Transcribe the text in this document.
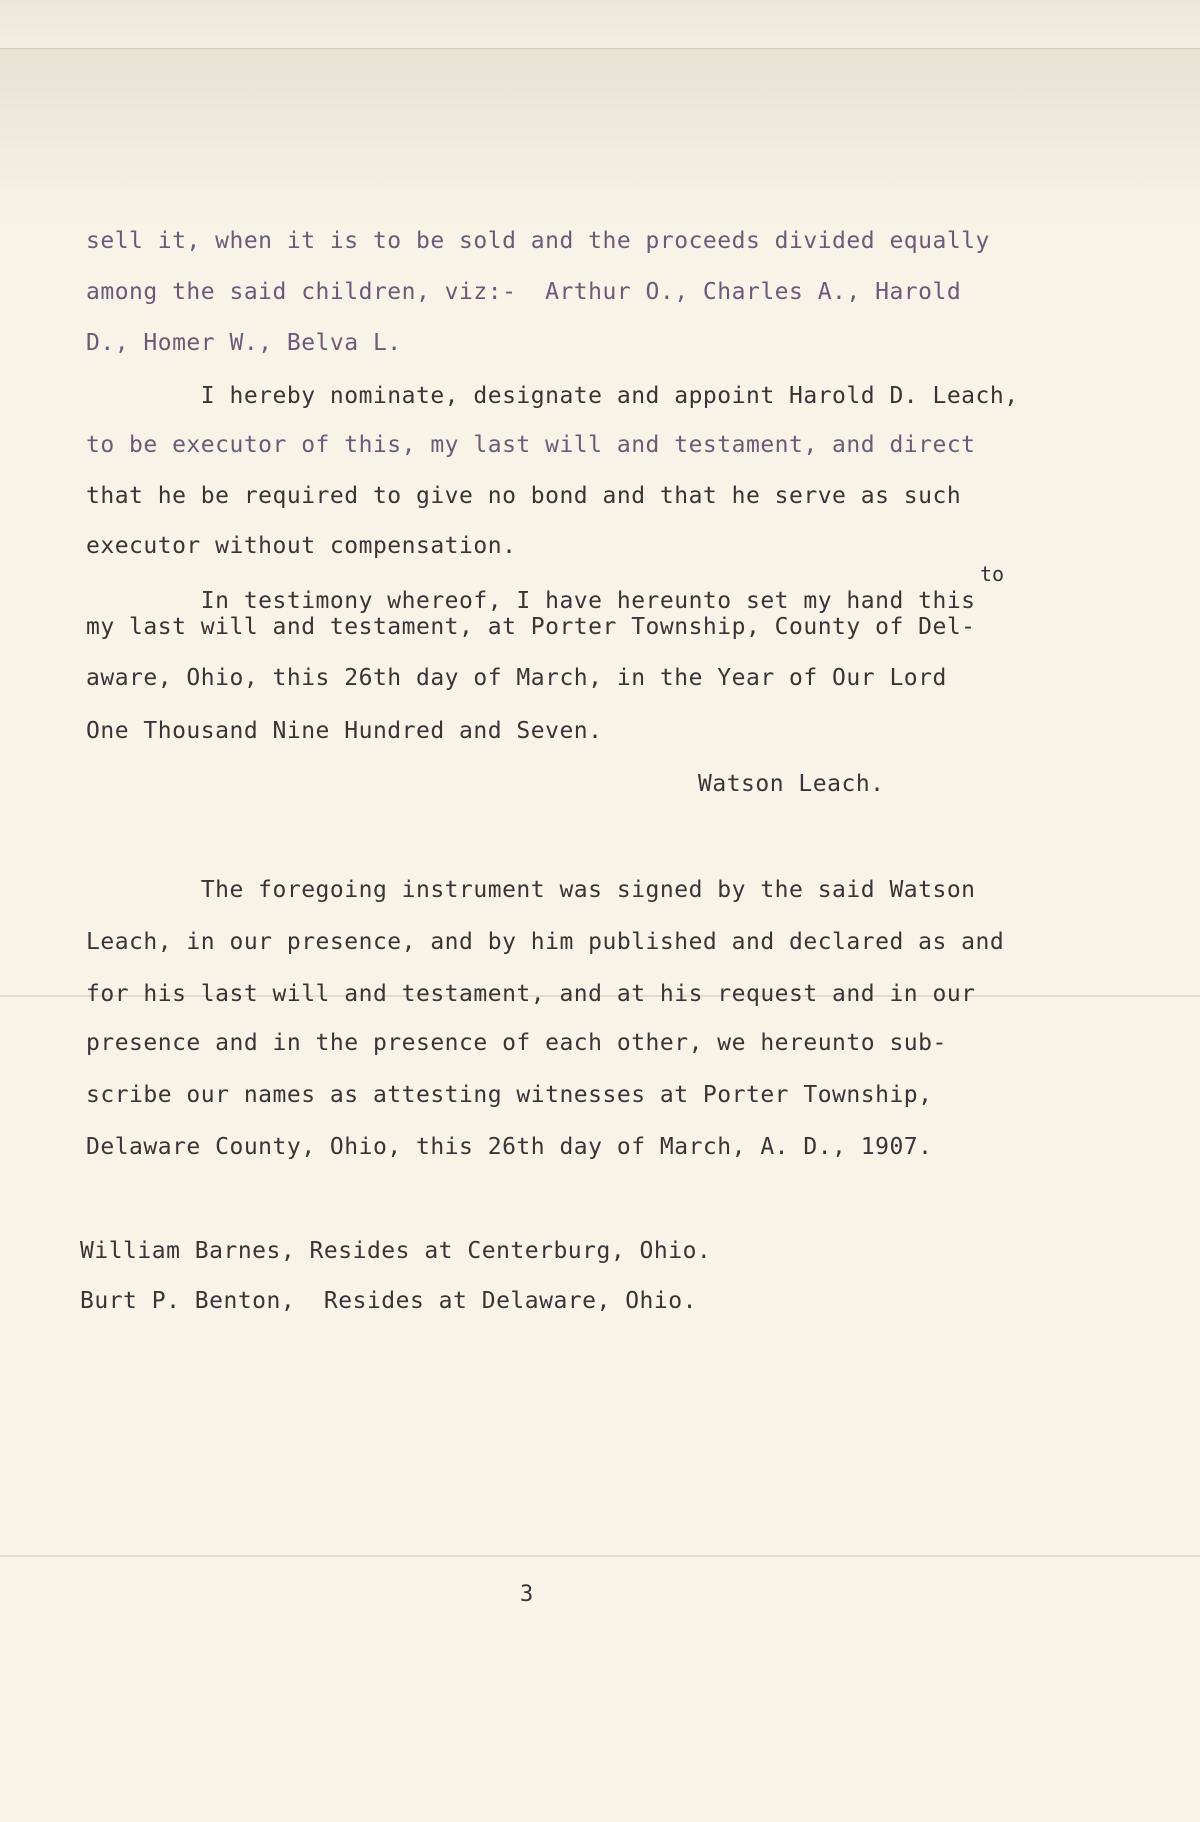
sell it, when it is to be sold and the proceeds divided equally
among the said children, viz:-  Arthur O., Charles A., Harold
D., Homer W., Belva L.
I hereby nominate, designate and appoint Harold D. Leach,
to be executor of this, my last will and testament, and direct
that he be required to give no bond and that he serve as such
executor without compensation.
to
In testimony whereof, I have hereunto set my hand this
my last will and testament, at Porter Township, County of Del-
aware, Ohio, this 26th day of March, in the Year of Our Lord
One Thousand Nine Hundred and Seven.
Watson Leach.
The foregoing instrument was signed by the said Watson
Leach, in our presence, and by him published and declared as and
for his last will and testament, and at his request and in our
presence and in the presence of each other, we hereunto sub-
scribe our names as attesting witnesses at Porter Township,
Delaware County, Ohio, this 26th day of March, A. D., 1907.
William Barnes, Resides at Centerburg, Ohio.
Burt P. Benton,  Resides at Delaware, Ohio.
3
